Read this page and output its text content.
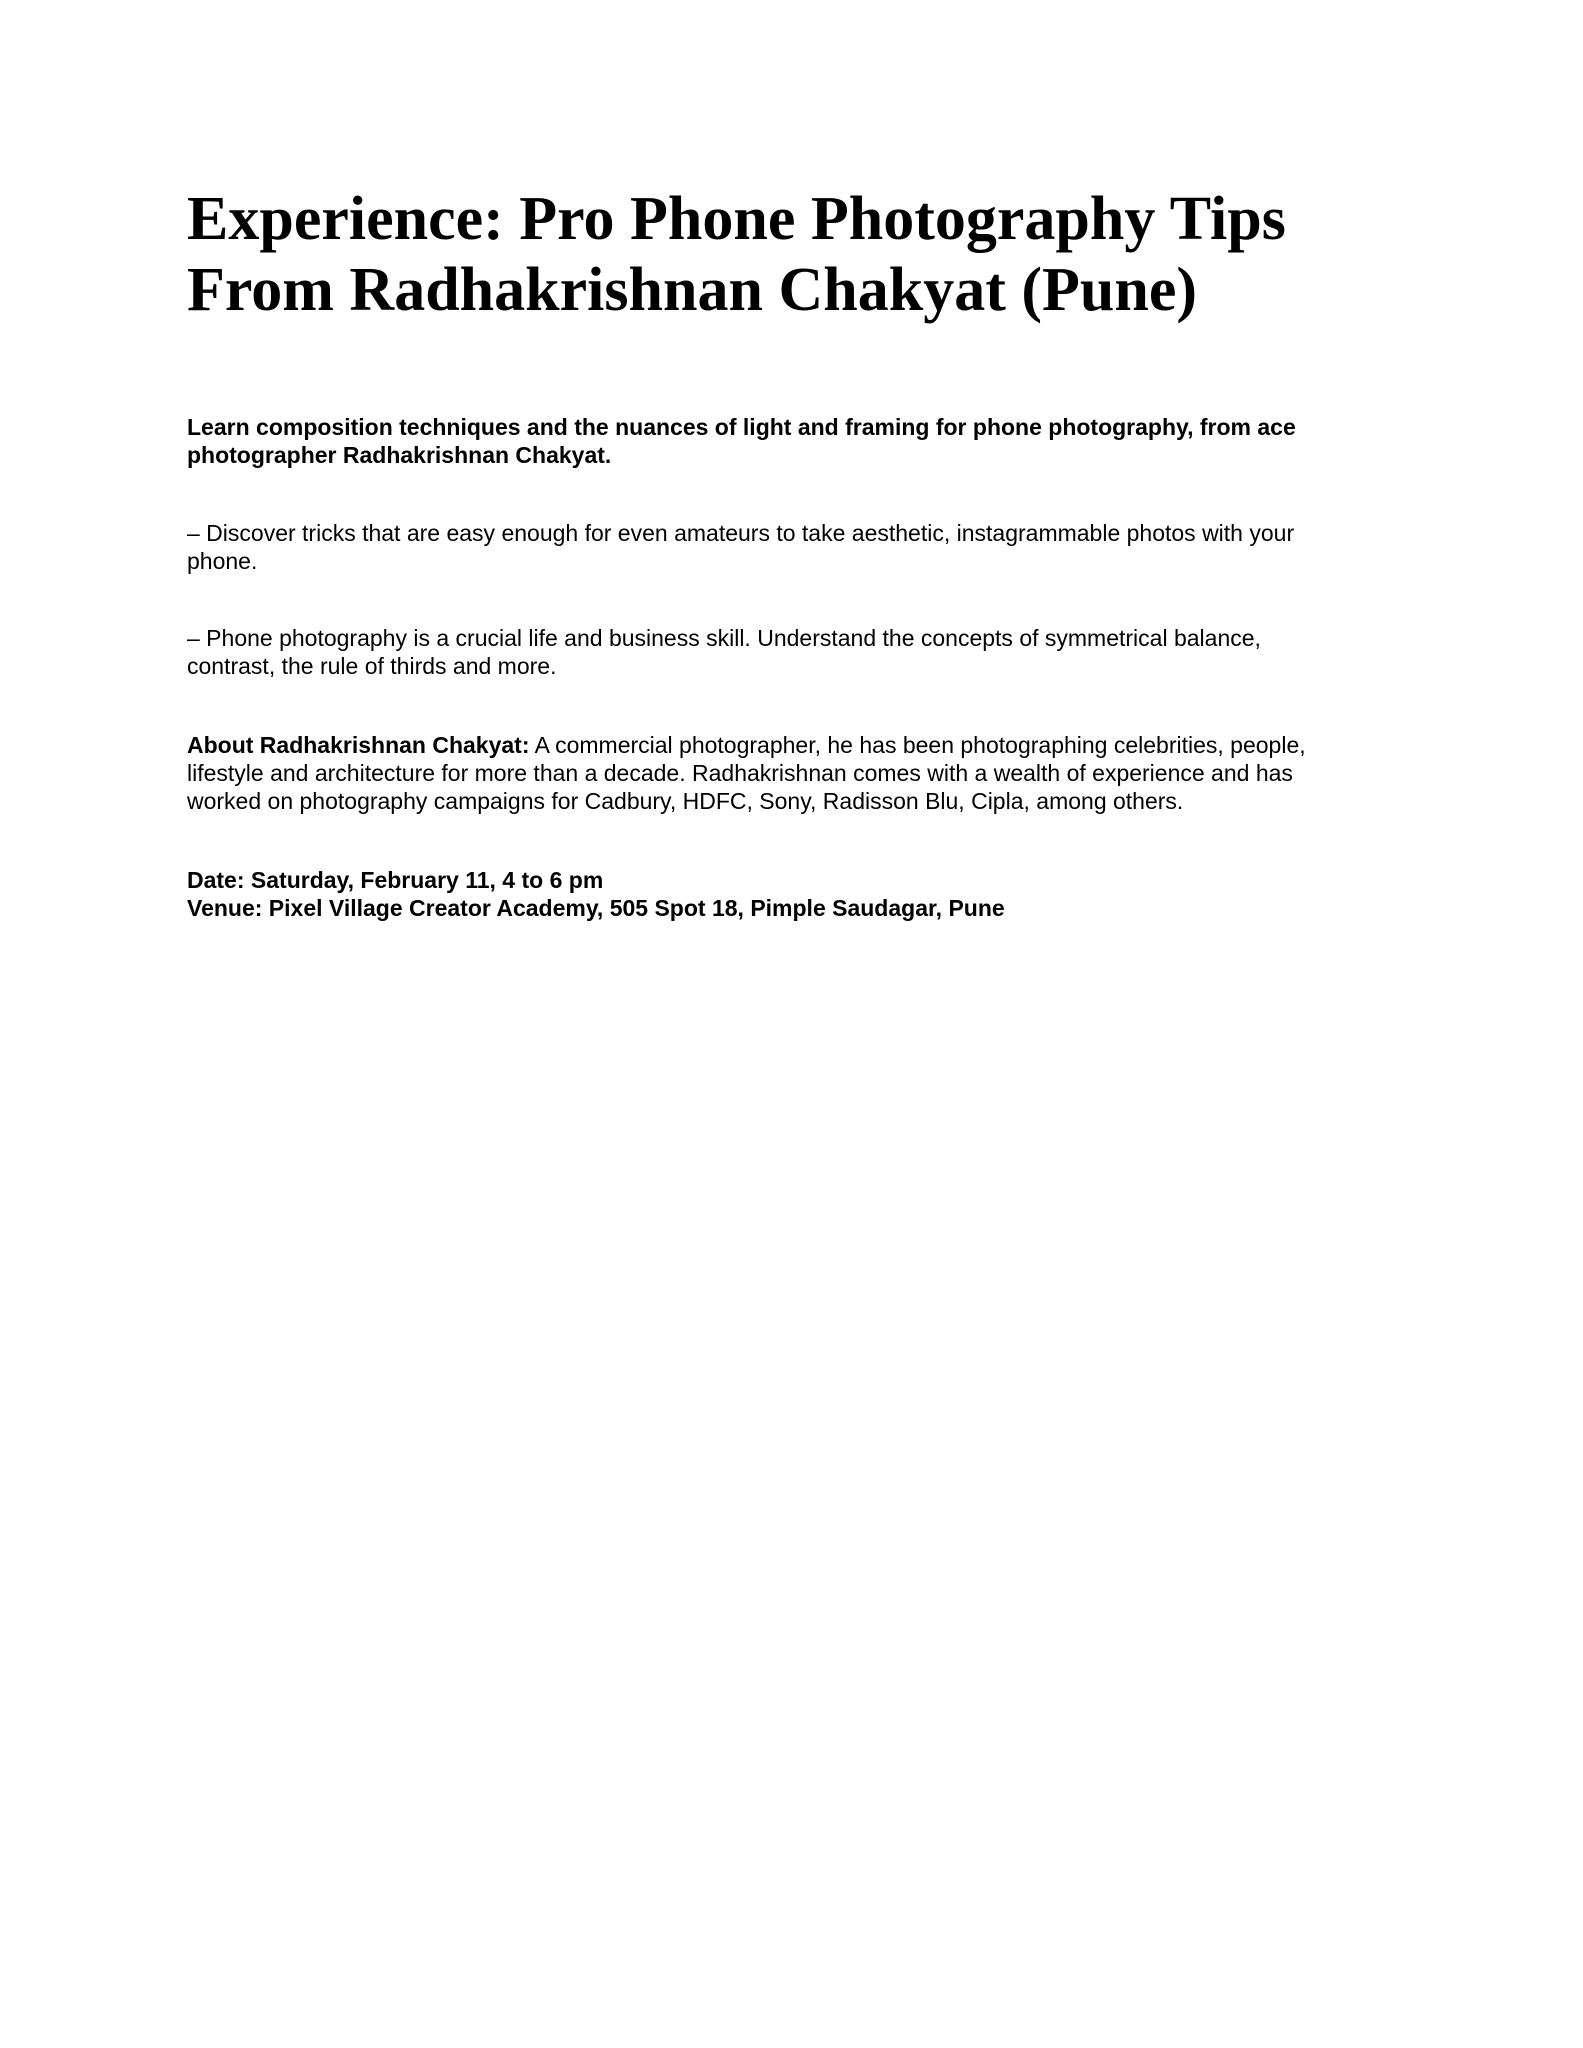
Experience: Pro Phone Photography Tips
From Radhakrishnan Chakyat (Pune)

Learn composition techniques and the nuances of light and framing for phone photography, from ace
photographer Radhakrishnan Chakyat.

– Discover tricks that are easy enough for even amateurs to take aesthetic, instagrammable photos with your
phone.

– Phone photography is a crucial life and business skill. Understand the concepts of symmetrical balance,
contrast, the rule of thirds and more.

About Radhakrishnan Chakyat: A commercial photographer, he has been photographing celebrities, people,
lifestyle and architecture for more than a decade. Radhakrishnan comes with a wealth of experience and has
worked on photography campaigns for Cadbury, HDFC, Sony, Radisson Blu, Cipla, among others.

Date: Saturday, February 11, 4 to 6 pm
Venue: Pixel Village Creator Academy, 505 Spot 18, Pimple Saudagar, Pune
